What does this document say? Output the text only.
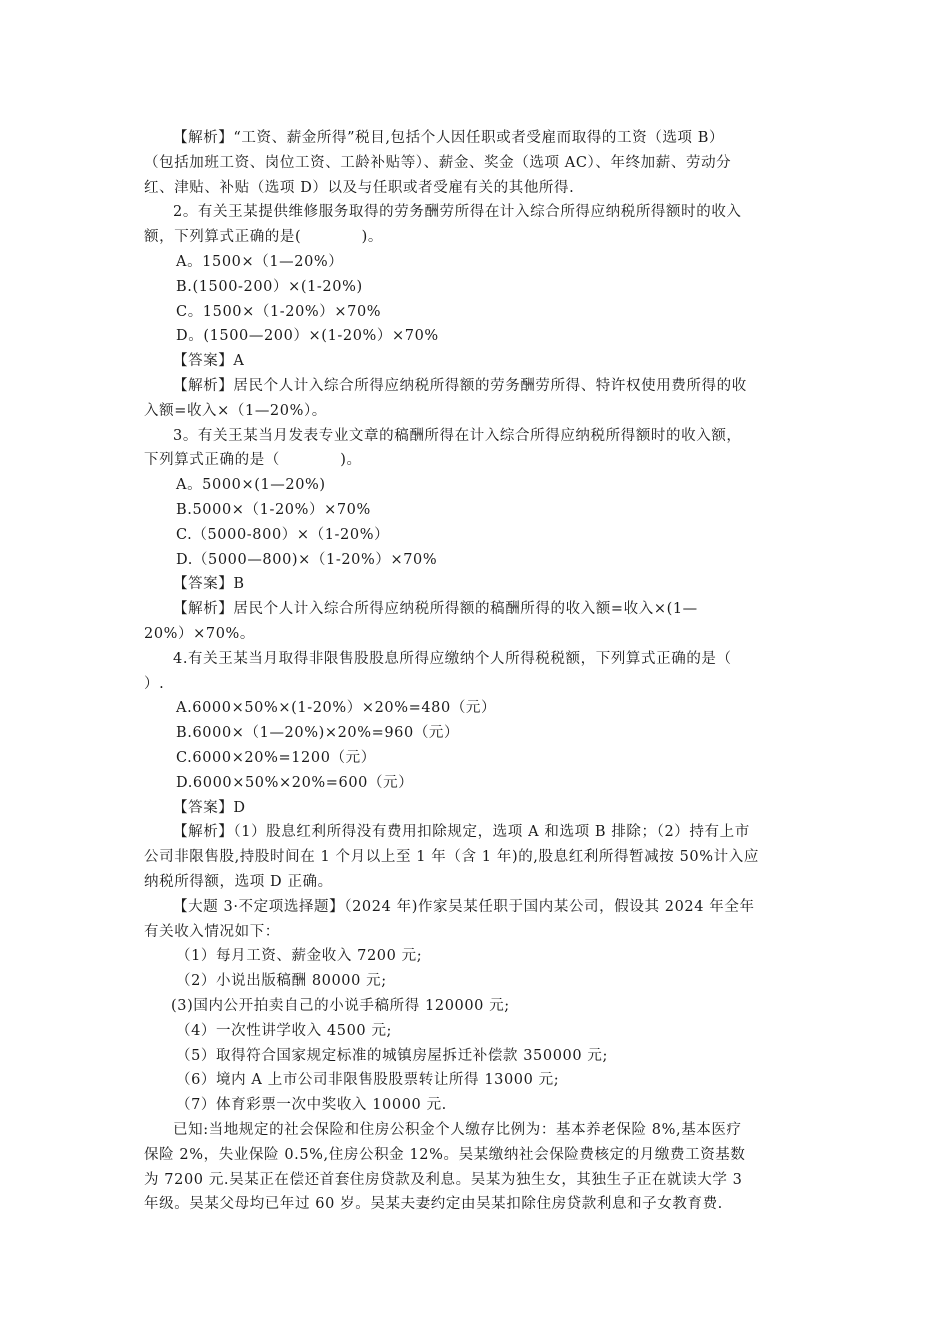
【解析】“工资、薪金所得”税目,包括个人因任职或者受雇而取得的工资（选项 B）
（包括加班工资、岗位工资、工龄补贴等）、薪金、奖金（选项 AC）、年终加薪、劳动分
红、津贴、补贴（选项 D）以及与任职或者受雇有关的其他所得.
2。有关王某提供维修服务取得的劳务酬劳所得在计入综合所得应纳税所得额时的收入
额，下列算式正确的是(　　　　)。
A。1500×（1—20%）
B.(1500-200）×(1-20%)
C。1500×（1-20%）×70%
D。(1500—200）×(1-20%）×70%
【答案】A
【解析】居民个人计入综合所得应纳税所得额的劳务酬劳所得、特许权使用费所得的收
入额=收入×（1—20%）。
3。有关王某当月发表专业文章的稿酬所得在计入综合所得应纳税所得额时的收入额，
下列算式正确的是（　　　　)。
A。5000×(1—20%)
B.5000×（1-20%）×70%
C.（5000-800）×（1-20%）
D.（5000—800)×（1-20%）×70%
【答案】B
【解析】居民个人计入综合所得应纳税所得额的稿酬所得的收入额=收入×(1—
20%）×70%。
4.有关王某当月取得非限售股股息所得应缴纳个人所得税税额，下列算式正确的是（
）.
A.6000×50%×(1-20%）×20%=480（元）
B.6000×（1—20%)×20%=960（元）
C.6000×20%=1200（元）
D.6000×50%×20%=600（元）
【答案】D
【解析】（1）股息红利所得没有费用扣除规定，选项 A 和选项 B 排除；（2）持有上市
公司非限售股,持股时间在 1 个月以上至 1 年（含 1 年)的,股息红利所得暂减按 50%计入应
纳税所得额，选项 D 正确。
【大题 3·不定项选择题】（2024 年)作家吴某任职于国内某公司，假设其 2024 年全年
有关收入情况如下：
（1）每月工资、薪金收入 7200 元;
（2）小说出版稿酬 80000 元;
(3)国内公开拍卖自己的小说手稿所得 120000 元;
（4）一次性讲学收入 4500 元;
（5）取得符合国家规定标准的城镇房屋拆迁补偿款 350000 元;
（6）境内 A 上市公司非限售股股票转让所得 13000 元;
（7）体育彩票一次中奖收入 10000 元.
已知:当地规定的社会保险和住房公积金个人缴存比例为：基本养老保险 8%,基本医疗
保险 2%，失业保险 0.5%,住房公积金 12%。吴某缴纳社会保险费核定的月缴费工资基数
为 7200 元.吴某正在偿还首套住房贷款及利息。吴某为独生女，其独生子正在就读大学 3
年级。吴某父母均已年过 60 岁。吴某夫妻约定由吴某扣除住房贷款利息和子女教育费.
